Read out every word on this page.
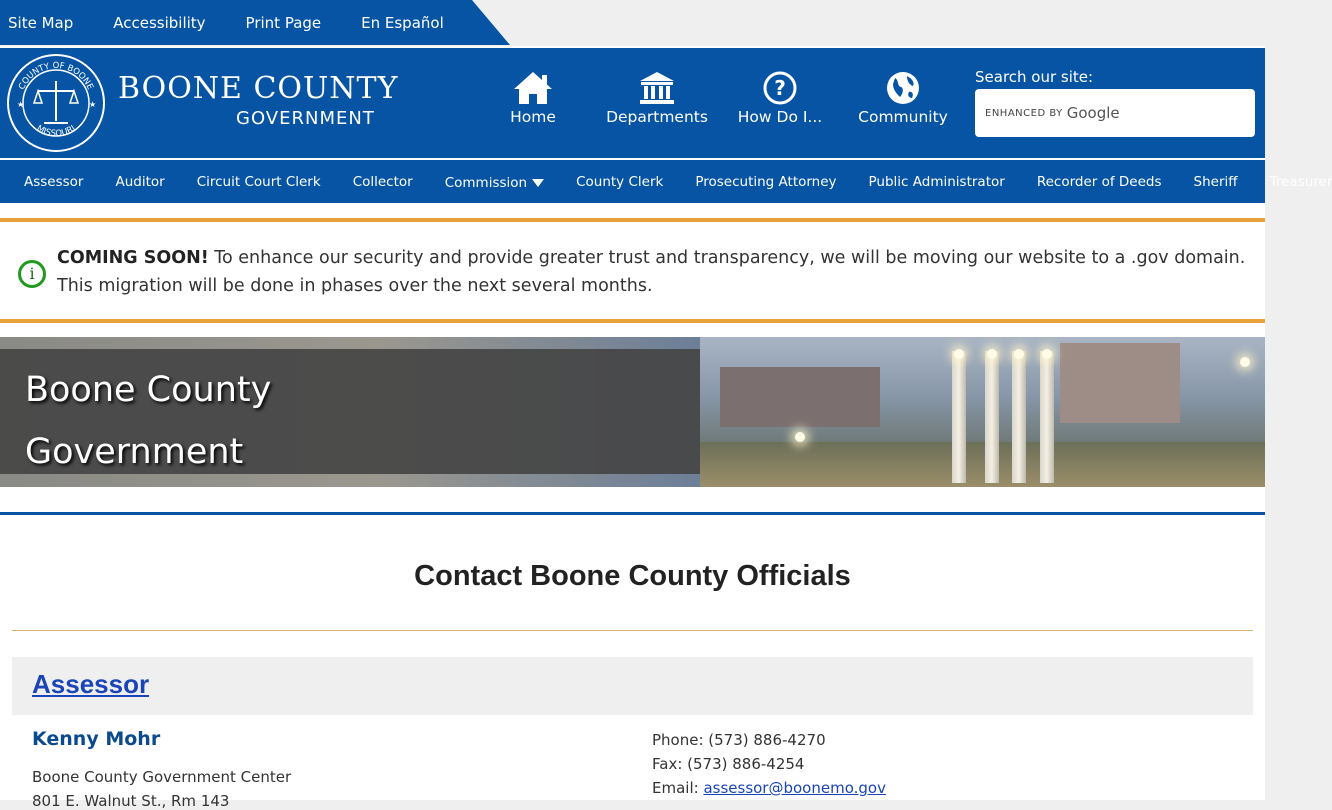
Site Map	Accessibility	Print Page	En Español
COUNTY OF BOONE
MISSOURI
★	★ BOONE COUNTY
GOVERNMENT	Home	Departments
?
How Do I...	Community
Search our site:
ENHANCED BY Google
Assessor Auditor Circuit Court Clerk Collector Commission	County Clerk Prosecuting Attorney Public Administrator Recorder of Deeds Sheriff Treasurer
i
COMING SOON! To enhance our security and provide greater trust and transparency, we will be moving our website to a .gov domain. This migration will be done in phases over the next several months.
Boone County
Government
Contact Boone County Officials
Assessor
Kenny Mohr
Boone County Government Center
801 E. Walnut St., Rm 143
Phone: (573) 886-4270
Fax: (573) 886-4254
Email: assessor@boonemo.gov
